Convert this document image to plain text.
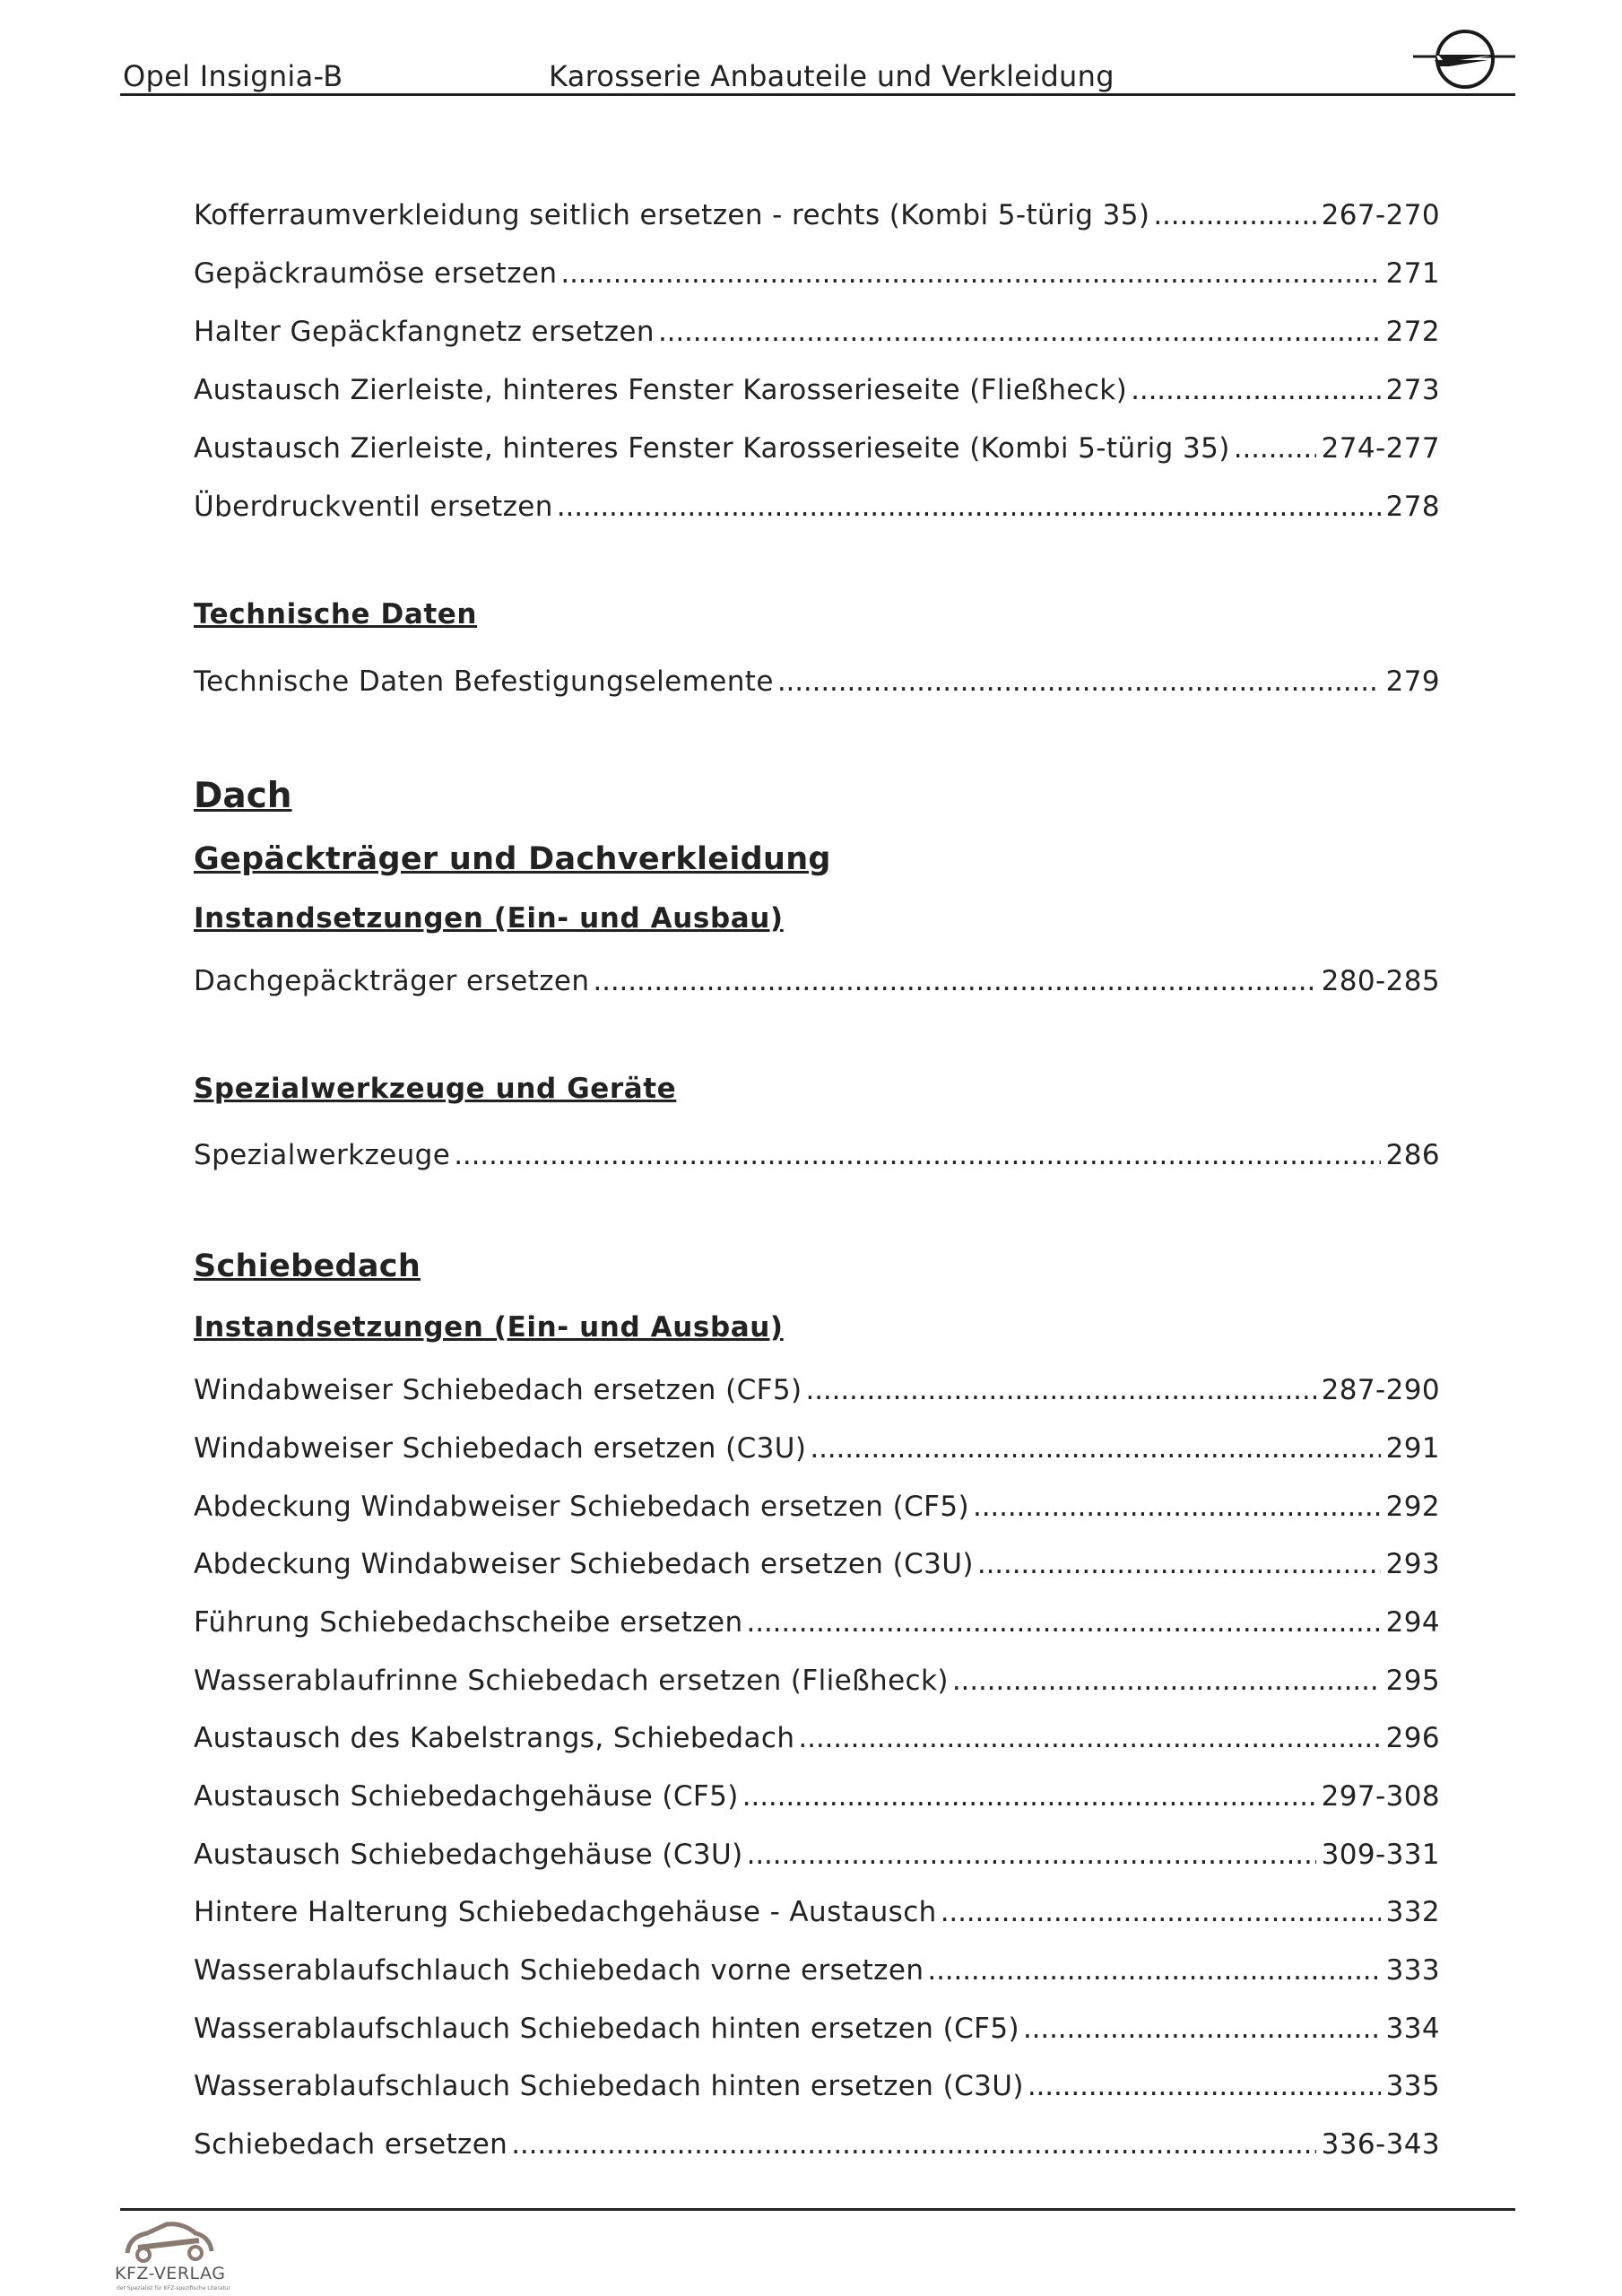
Opel Insignia-B	Karosserie Anbauteile und Verkleidung
Kofferraumverkleidung seitlich ersetzen - rechts (Kombi 5-türig 35) . . .	267-270
Gepäckraumöse ersetzen . . .	271
Halter Gepäckfangnetz ersetzen . . .	272
Austausch Zierleiste, hinteres Fenster Karosserieseite (Fließheck) . . .	273
Austausch Zierleiste, hinteres Fenster Karosserieseite (Kombi 5-türig 35) . . .	274-277
Überdruckventil ersetzen . . .	278
Technische Daten
Technische Daten Befestigungselemente . . .	279
Dach
Gepäckträger und Dachverkleidung
Instandsetzungen (Ein- und Ausbau)
Dachgepäckträger ersetzen . . .	280-285
Spezialwerkzeuge und Geräte
Spezialwerkzeuge . . .	286
Schiebedach
Instandsetzungen (Ein- und Ausbau)
Windabweiser Schiebedach ersetzen (CF5) . . .	287-290
Windabweiser Schiebedach ersetzen (C3U) . . .	291
Abdeckung Windabweiser Schiebedach ersetzen (CF5) . . .	292
Abdeckung Windabweiser Schiebedach ersetzen (C3U) . . .	293
Führung Schiebedachscheibe ersetzen . . .	294
Wasserablaufrinne Schiebedach ersetzen (Fließheck) . . .	295
Austausch des Kabelstrangs, Schiebedach . . .	296
Austausch Schiebedachgehäuse (CF5) . . .	297-308
Austausch Schiebedachgehäuse (C3U) . . .	309-331
Hintere Halterung Schiebedachgehäuse - Austausch . . .	332
Wasserablaufschlauch Schiebedach vorne ersetzen . . .	333
Wasserablaufschlauch Schiebedach hinten ersetzen (CF5) . . .	334
Wasserablaufschlauch Schiebedach hinten ersetzen (C3U) . . .	335
Schiebedach ersetzen . . .	336-343
KFZ-VERLAG
der Spezialist für KFZ-spezifische Literatur
